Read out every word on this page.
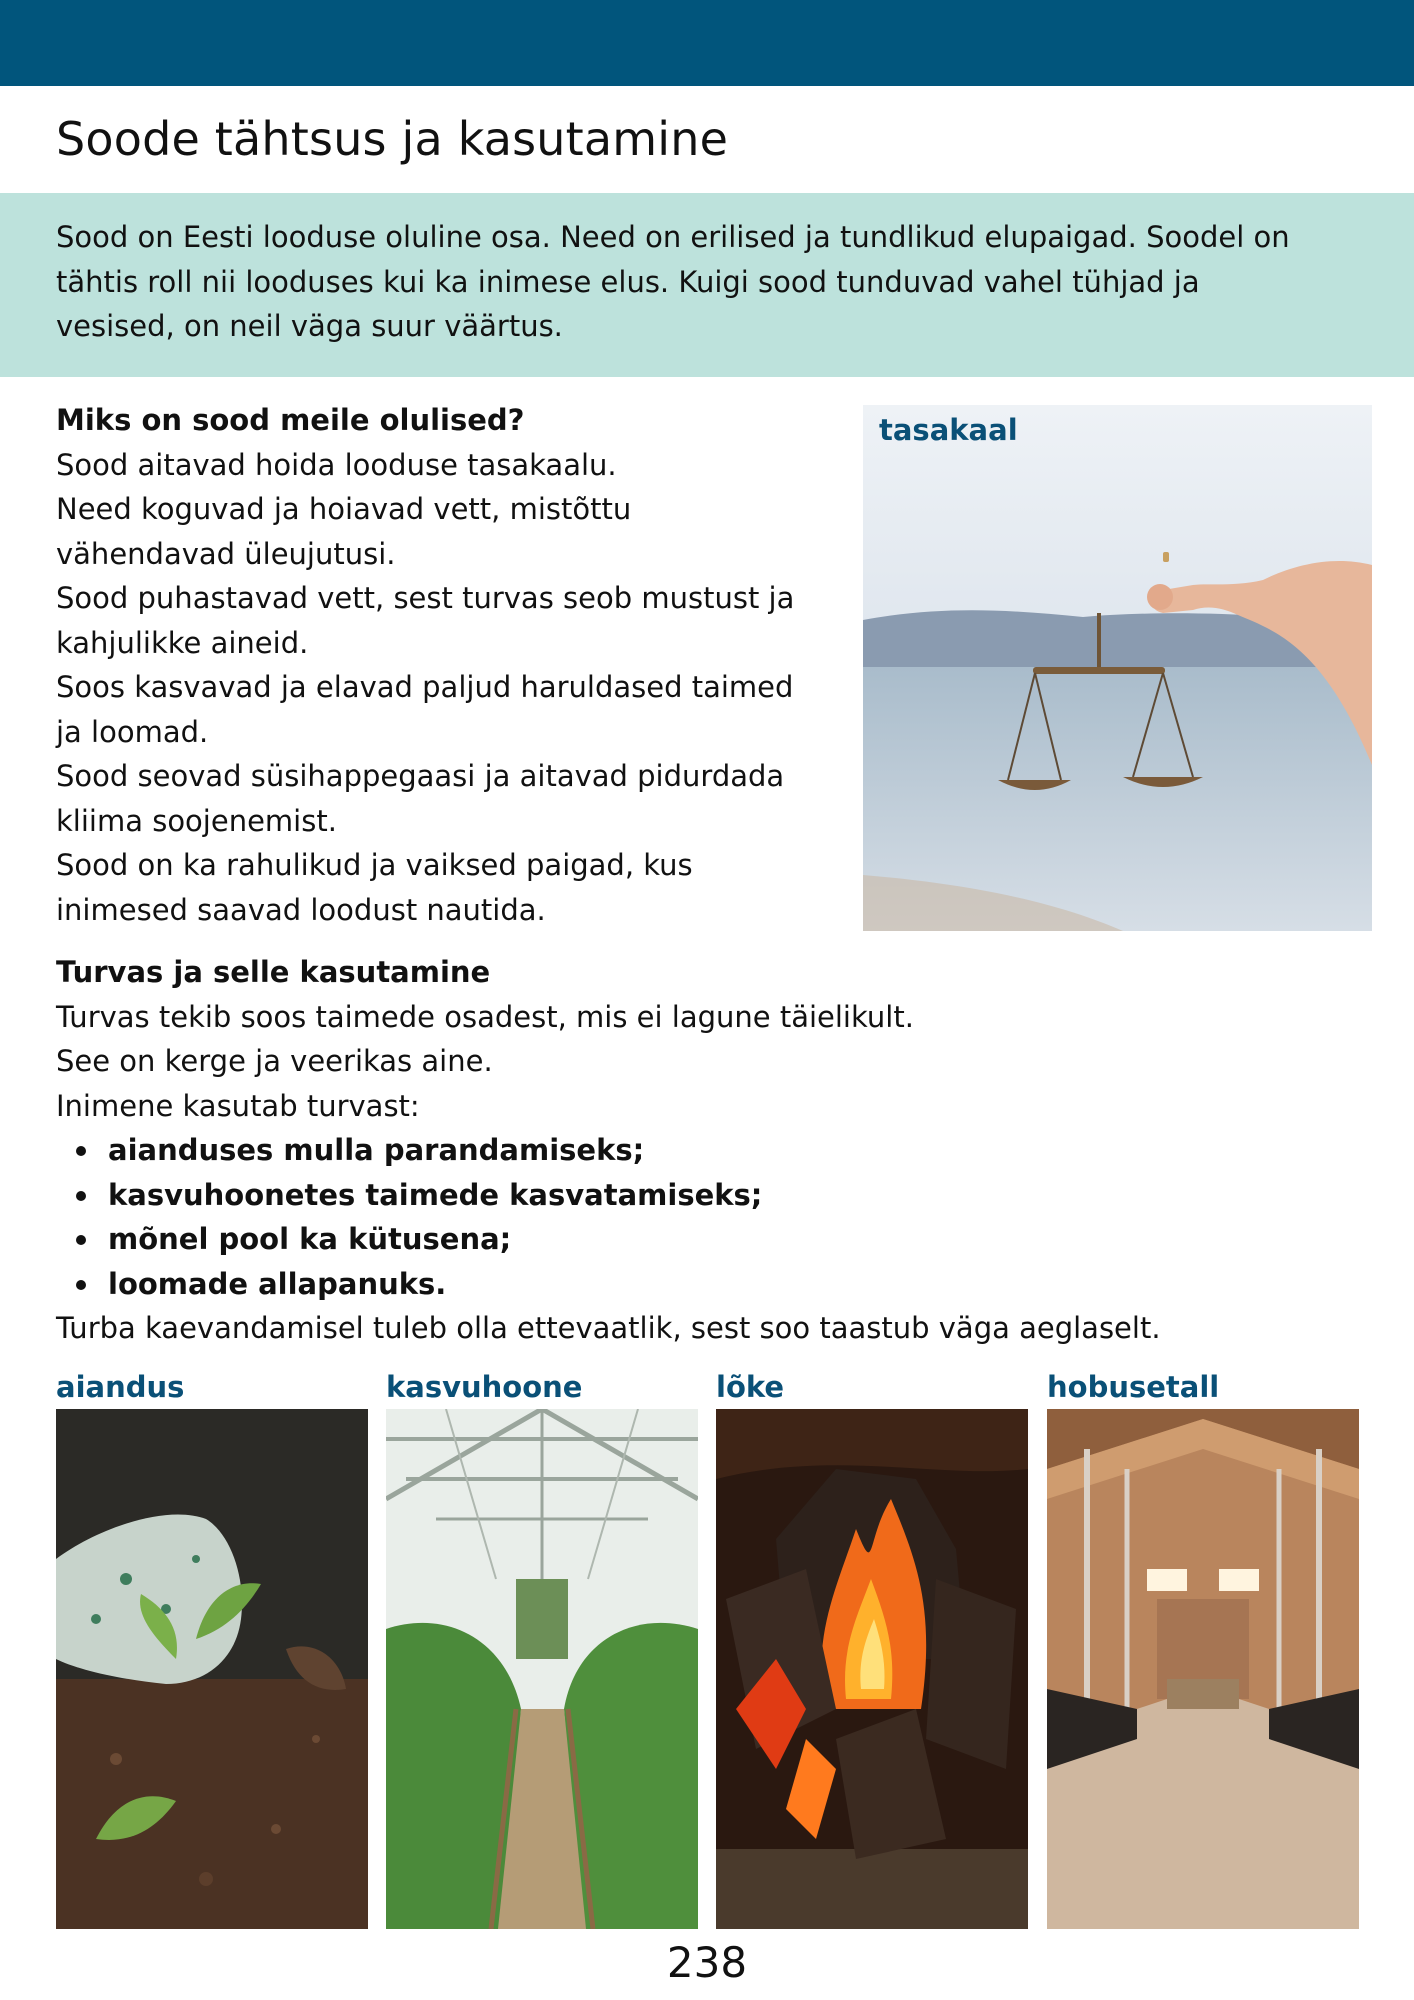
Soode tähtsus ja kasutamine

Sood on Eesti looduse oluline osa. Need on erilised ja tundlikud elupaigad. Soodel on

tähtis roll nii looduses kui ka inimese elus. Kuigi sood tunduvad vahel tühjad ja

vesised, on neil väga suur väärtus.

Miks on sood meile olulised?
Sood aitavad hoida looduse tasakaalu.
Need koguvad ja hoiavad vett, mistõttu
vähendavad üleujutusi.
Sood puhastavad vett, sest turvas seob mustust ja
kahjulikke aineid.
Soos kasvavad ja elavad paljud haruldased taimed
ja loomad.
Sood seovad süsihappegaasi ja aitavad pidurdada
kliima soojenemist.
Sood on ka rahulikud ja vaiksed paigad, kus
inimesed saavad loodust nautida.
tasakaal
Turvas ja selle kasutamine
Turvas tekib soos taimede osadest, mis ei lagune täielikult.
See on kerge ja veerikas aine.
Inimene kasutab turvast:
aianduses mulla parandamiseks;
kasvuhoonetes taimede kasvatamiseks;
mõnel pool ka kütusena;
loomade allapanuks.
Turba kaevandamisel tuleb olla ettevaatlik, sest soo taastub väga aeglaselt.
aiandus	kasvuhoone	lõke	hobusetall
238
